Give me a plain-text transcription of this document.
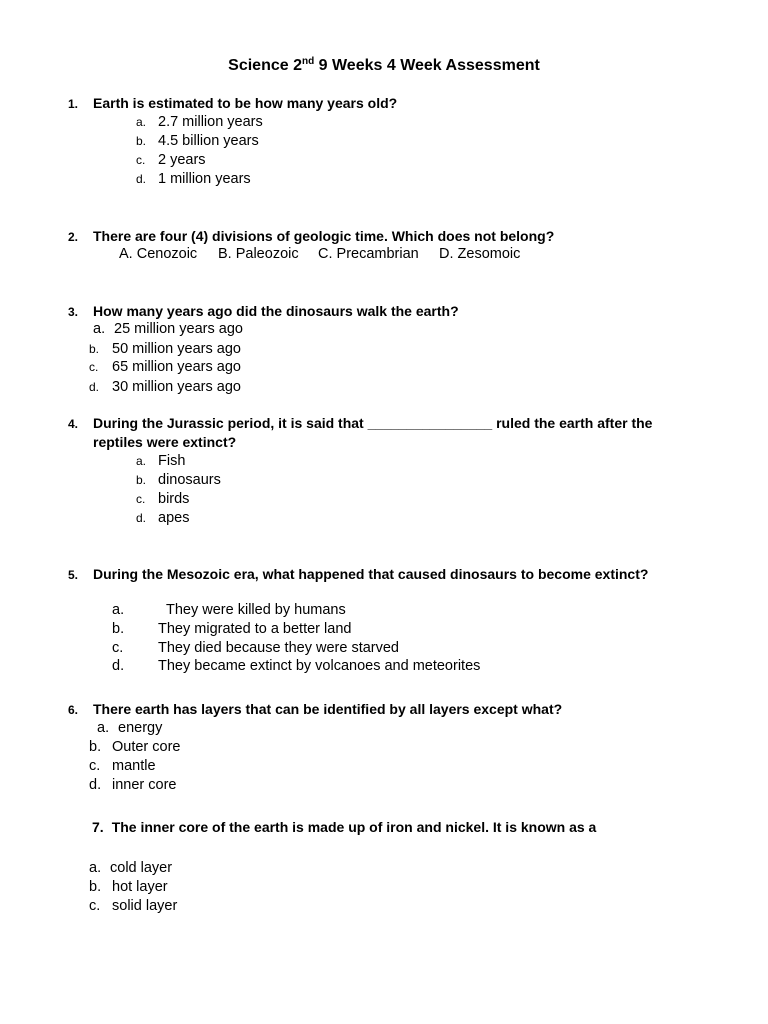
Science 2nd 9 Weeks 4 Week Assessment
1. Earth is estimated to be how many years old?
a. 2.7 million years
b. 4.5 billion years
c. 2 years
d. 1 million years
2. There are four (4) divisions of geologic time. Which does not belong?
A. Cenozoic B. Paleozoic C. Precambrian D. Zesomoic
3. How many years ago did the dinosaurs walk the earth?
a. 25 million years ago
b. 50 million years ago
c. 65 million years ago
d. 30 million years ago
4. During the Jurassic period, it is said that ________________ ruled the earth after the reptiles were extinct?
a. Fish
b. dinosaurs
c. birds
d. apes
5. During the Mesozoic era, what happened that caused dinosaurs to become extinct?
a.	They were killed by humans
b. They migrated to a better land
c. They died because they were starved
d. They became extinct by volcanoes and meteorites
6. There earth has layers that can be identified by all layers except what?
a. energy
b. Outer core
c. mantle
d. inner core
7. The inner core of the earth is made up of iron and nickel. It is known as a
a. cold layer
b. hot layer
c. solid layer
